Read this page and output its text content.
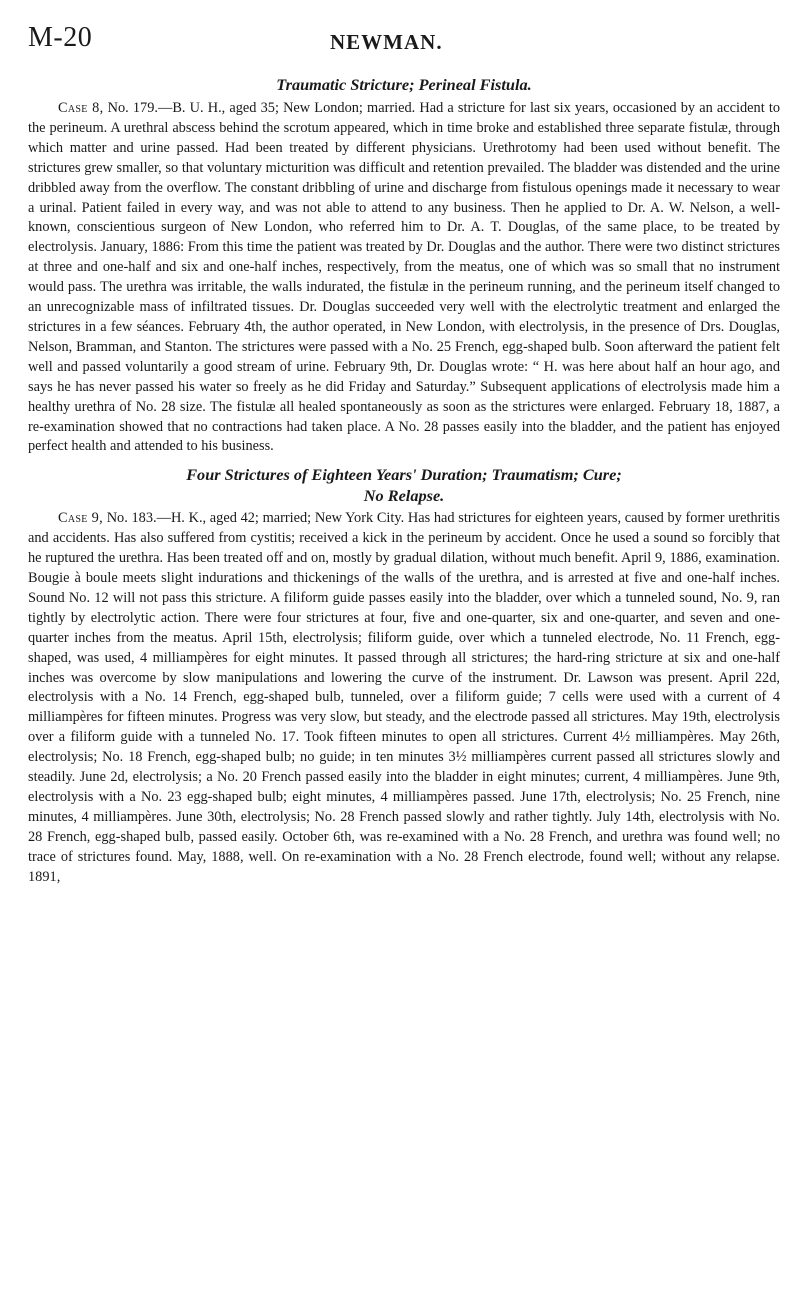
M-20	NEWMAN.
Traumatic Stricture; Perineal Fistula.

Case 8, No. 179.—B. U. H., aged 35; New London; married. Had a stricture for last six years, occasioned by an accident to the perineum. A urethral abscess behind the scrotum appeared, which in time broke and established three separate fistulæ, through which matter and urine passed. Had been treated by different physicians. Urethrotomy had been used without benefit. The strictures grew smaller, so that voluntary micturition was difficult and retention prevailed. The bladder was distended and the urine dribbled away from the overflow. The constant dribbling of urine and discharge from fistulous openings made it necessary to wear a urinal. Patient failed in every way, and was not able to attend to any business. Then he applied to Dr. A. W. Nelson, a well-known, conscientious surgeon of New London, who referred him to Dr. A. T. Douglas, of the same place, to be treated by electrolysis. January, 1886: From this time the patient was treated by Dr. Douglas and the author. There were two distinct strictures at three and one-half and six and one-half inches, respectively, from the meatus, one of which was so small that no instrument would pass. The urethra was irritable, the walls indurated, the fistulæ in the perineum running, and the perineum itself changed to an unrecognizable mass of infiltrated tissues. Dr. Douglas succeeded very well with the electrolytic treatment and enlarged the strictures in a few séances. February 4th, the author operated, in New London, with electrolysis, in the presence of Drs. Douglas, Nelson, Bramman, and Stanton. The strictures were passed with a No. 25 French, egg-shaped bulb. Soon afterward the patient felt well and passed voluntarily a good stream of urine. February 9th, Dr. Douglas wrote: “ H. was here about half an hour ago, and says he has never passed his water so freely as he did Friday and Saturday.” Subsequent applications of electrolysis made him a healthy urethra of No. 28 size. The fistulæ all healed spontaneously as soon as the strictures were enlarged. February 18, 1887, a re-examination showed that no contractions had taken place. A No. 28 passes easily into the bladder, and the patient has enjoyed perfect health and attended to his business.

Four Strictures of Eighteen Years' Duration; Traumatism; Cure;
No Relapse.

Case 9, No. 183.—H. K., aged 42; married; New York City. Has had strictures for eighteen years, caused by former urethritis and accidents. Has also suffered from cystitis; received a kick in the perineum by accident. Once he used a sound so forcibly that he ruptured the urethra. Has been treated off and on, mostly by gradual dilation, without much benefit. April 9, 1886, examination. Bougie à boule meets slight indurations and thickenings of the walls of the urethra, and is arrested at five and one-half inches. Sound No. 12 will not pass this stricture. A filiform guide passes easily into the bladder, over which a tunneled sound, No. 9, ran tightly by electrolytic action. There were four strictures at four, five and one-quarter, six and one-quarter, and seven and one-quarter inches from the meatus. April 15th, electrolysis; filiform guide, over which a tunneled electrode, No. 11 French, egg-shaped, was used, 4 milliampères for eight minutes. It passed through all strictures; the hard-ring stricture at six and one-half inches was overcome by slow manipulations and lowering the curve of the instrument. Dr. Lawson was present. April 22d, electrolysis with a No. 14 French, egg-shaped bulb, tunneled, over a filiform guide; 7 cells were used with a current of 4 milliampères for fifteen minutes. Progress was very slow, but steady, and the electrode passed all strictures. May 19th, electrolysis over a filiform guide with a tunneled No. 17. Took fifteen minutes to open all strictures. Current 4½ milliampères. May 26th, electrolysis; No. 18 French, egg-shaped bulb; no guide; in ten minutes 3½ milliampères current passed all strictures slowly and steadily. June 2d, electrolysis; a No. 20 French passed easily into the bladder in eight minutes; current, 4 milliampères. June 9th, electrolysis with a No. 23 egg-shaped bulb; eight minutes, 4 milliampères passed. June 17th, electrolysis; No. 25 French, nine minutes, 4 milliampères. June 30th, electrolysis; No. 28 French passed slowly and rather tightly. July 14th, electrolysis with No. 28 French, egg-shaped bulb, passed easily. October 6th, was re-examined with a No. 28 French, and urethra was found well; no trace of strictures found. May, 1888, well. On re-examination with a No. 28 French electrode, found well; without any relapse. 1891,
